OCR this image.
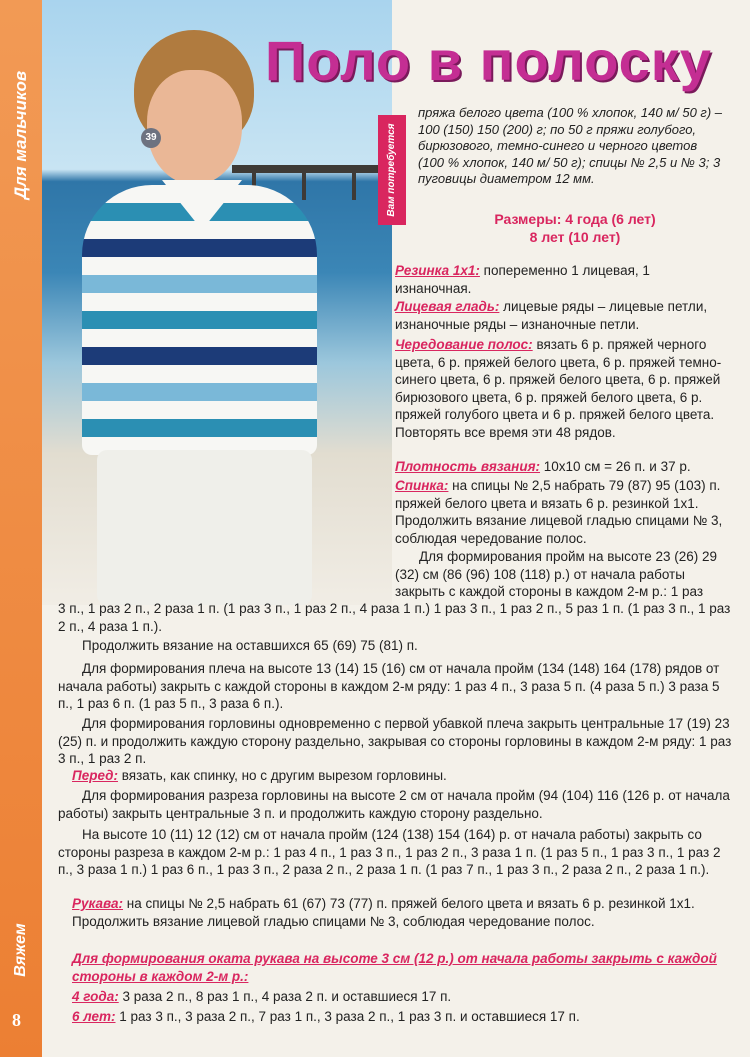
Для мальчиков
Вяжем
8
39
Поло в полоску
Вам потребуется
пряжа белого цвета (100 % хлопок, 140 м/ 50 г) – 100 (150) 150 (200) г; по 50 г пряжи голубого, бирюзового, темно-синего и черного цветов (100 % хлопок, 140 м/ 50 г); спицы № 2,5 и № 3; 3 пуговицы диаметром 12 мм.
Размеры: 4 года (6 лет)
8 лет (10 лет)

Резинка 1х1: попеременно 1 лицевая, 1 изнаночная.

Лицевая гладь: лицевые ряды – лицевые петли, изнаночные ряды – изнаночные петли.

Чередование полос: вязать 6 р. пряжей черного цвета, 6 р. пряжей белого цвета, 6 р. пряжей темно-синего цвета, 6 р. пряжей белого цвета, 6 р. пряжей бирюзового цвета, 6 р. пряжей белого цвета, 6 р. пряжей голубого цвета и 6 р. пряжей белого цвета. Повторять все время эти 48 рядов.

Плотность вязания: 10х10 см = 26 п. и 37 р.

Спинка: на спицы № 2,5 набрать 79 (87) 95 (103) п. пряжей белого цвета и вязать 6 р. резинкой 1х1. Продолжить вязание лицевой гладью спицами № 3, соблюдая чередование полос.

Для формирования пройм на высоте 23 (26) 29 (32) см (86 (96) 108 (118) р.) от начала работы закрыть с каждой стороны в каждом 2-м р.: 1 раз

3 п., 1 раз 2 п., 2 раза 1 п. (1 раз 3 п., 1 раз 2 п., 4 раза 1 п.) 1 раз 3 п., 1 раз 2 п., 5 раз 1 п. (1 раз 3 п., 1 раз 2 п., 4 раза 1 п.).

Продолжить вязание на оставшихся 65 (69) 75 (81) п.

Для формирования плеча на высоте 13 (14) 15 (16) см от начала пройм (134 (148) 164 (178) рядов от начала работы) закрыть с каждой стороны в каждом 2-м ряду: 1 раз 4 п., 3 раза 5 п. (4 раза 5 п.) 3 раза 5 п., 1 раз 6 п. (1 раз 5 п., 3 раза 6 п.).

Для формирования горловины одновременно с первой убавкой плеча закрыть центральные 17 (19) 23 (25) п. и продолжить каждую сторону раздельно, закрывая со стороны горловины в каждом 2-м ряду: 1 раз 3 п., 1 раз 2 п.

Перед: вязать, как спинку, но с другим вырезом горловины.

Для формирования разреза горловины на высоте 2 см от начала пройм (94 (104) 116 (126 р. от начала работы) закрыть центральные 3 п. и продолжить каждую сторону раздельно.

На высоте 10 (11) 12 (12) см от начала пройм (124 (138) 154 (164) р. от начала работы) закрыть со стороны разреза в каждом 2-м р.: 1 раз 4 п., 1 раз 3 п., 1 раз 2 п., 3 раза 1 п. (1 раз 5 п., 1 раз 3 п., 1 раз 2 п., 3 раза 1 п.) 1 раз 6 п., 1 раз 3 п., 2 раза 2 п., 2 раза 1 п. (1 раз 7 п., 1 раз 3 п., 2 раза 2 п., 2 раза 1 п.).

Рукава: на спицы № 2,5 набрать 61 (67) 73 (77) п. пряжей белого цвета и вязать 6 р. резинкой 1х1. Продолжить вязание лицевой гладью спицами № 3, соблюдая чередование полос.

Для формирования оката рукава на высоте 3 см (12 р.) от начала работы закрыть с каждой стороны в каждом 2-м р.:

4 года: 3 раза 2 п., 8 раз 1 п., 4 раза 2 п. и оставшиеся 17 п.

6 лет: 1 раз 3 п., 3 раза 2 п., 7 раз 1 п., 3 раза 2 п., 1 раз 3 п. и оставшиеся 17 п.
